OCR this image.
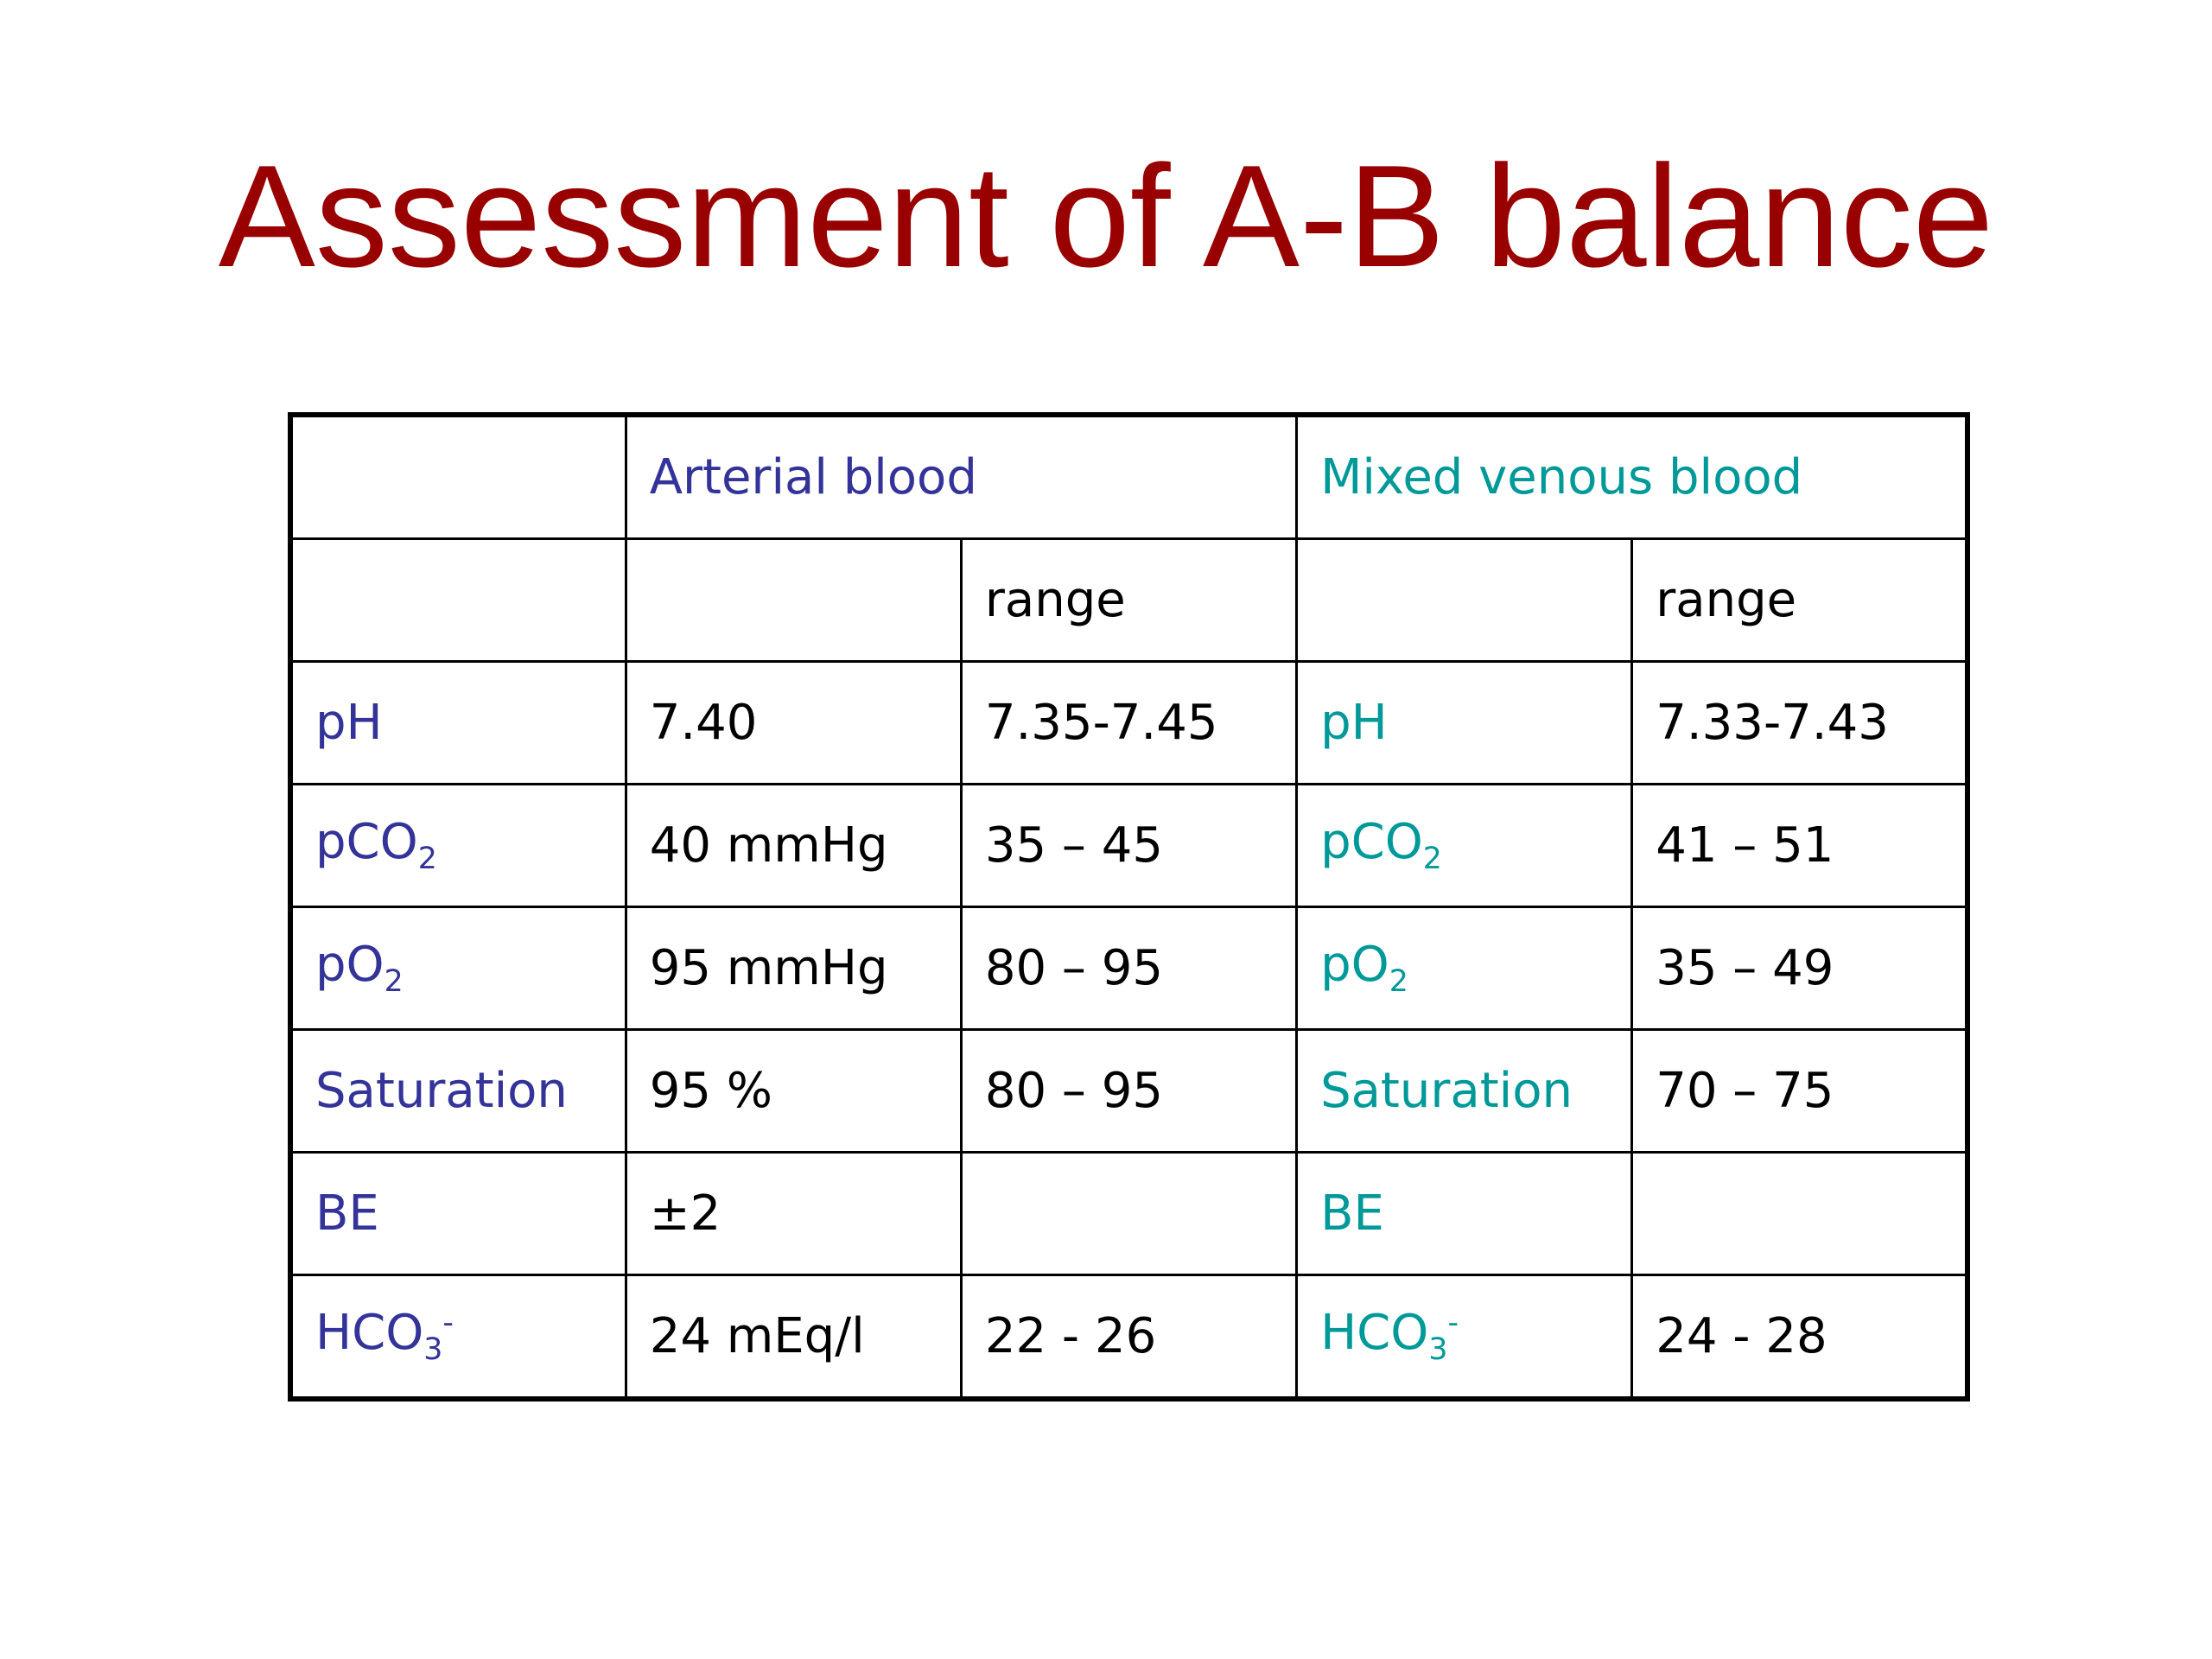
Assessment of A-B balance
	Arterial blood		Mixed venous blood	
		range		range
pH	7.40	7.35-7.45	pH	7.33-7.43
pCO$_2$	40 mmHg	35 – 45	pCO$_2$	41 – 51
$pO_2$	95 mmHg	80 – 95	$pO_2$	35 – 49
Saturation	95 %	80 – 95	Saturation	70 – 75
BE	±2		BE	
$HCO_3^-$	24 mEq/l	22 - 26	$HCO_3^-$	24 - 28
